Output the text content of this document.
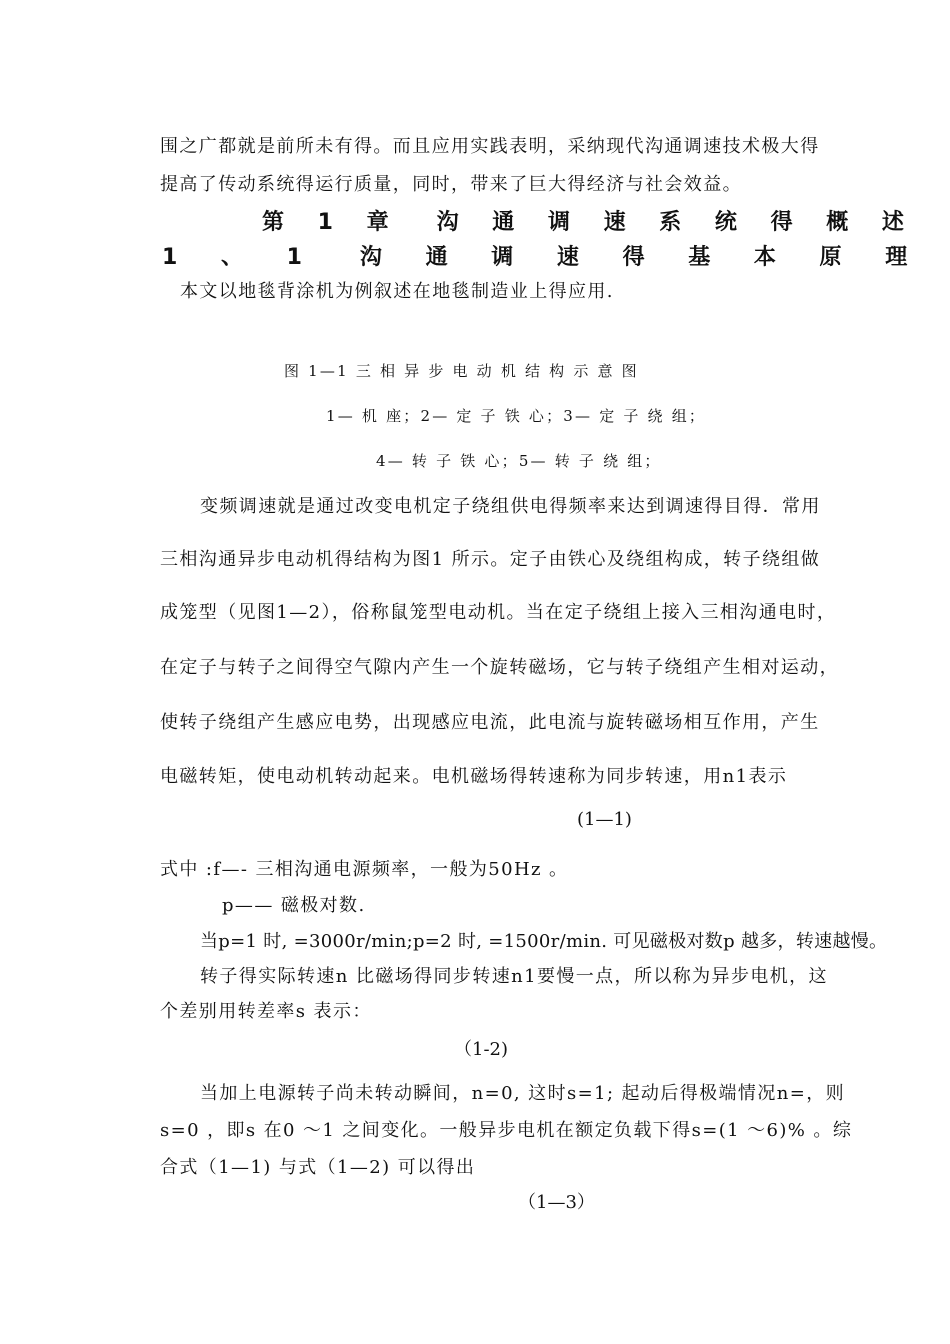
围之广都就是前所未有得。而且应用实践表明，采纳现代沟通调速技术极大得

提高了传动系统得运行质量，同时，带来了巨大得经济与社会效益。

第 1 章　沟 通 调 速 系 统 得 概 述

1 、 1　沟 通 调 速 得 基 本 原 理

本文以地毯背涂机为例叙述在地毯制造业上得应用.

图 1—1 三 相 异 步 电 动 机 结 构 示 意 图

1— 机 座；2— 定 子 铁 心；3— 定 子 绕 组；

4— 转 子 铁 心；5— 转 子 绕 组；

变频调速就是通过改变电机定子绕组供电得频率来达到调速得目得．常用

三相沟通异步电动机得结构为图1 所示。定子由铁心及绕组构成，转子绕组做

成笼型（见图1—2），俗称鼠笼型电动机。当在定子绕组上接入三相沟通电时，

在定子与转子之间得空气隙内产生一个旋转磁场，它与转子绕组产生相对运动，

使转子绕组产生感应电势，出现感应电流，此电流与旋转磁场相互作用，产生

电磁转矩，使电动机转动起来。电机磁场得转速称为同步转速，用n1表示

(1—1)

式中 :f—- 三相沟通电源频率，一般为50Hz 。

p—— 磁极对数.

当p=1 时, =3000r/min;p=2 时, =1500r/min. 可见磁极对数p 越多，转速越慢。

转子得实际转速n 比磁场得同步转速n1要慢一点，所以称为异步电机，这

个差别用转差率s 表示：

（1-2)

当加上电源转子尚未转动瞬间，n=0, 这时s=1; 起动后得极端情况n=，则

s=0 ，即s 在0 ～1 之间变化。一般异步电机在额定负载下得s=(1 ～6)% 。综

合式（1—1) 与式（1—2) 可以得出

（1—3）
